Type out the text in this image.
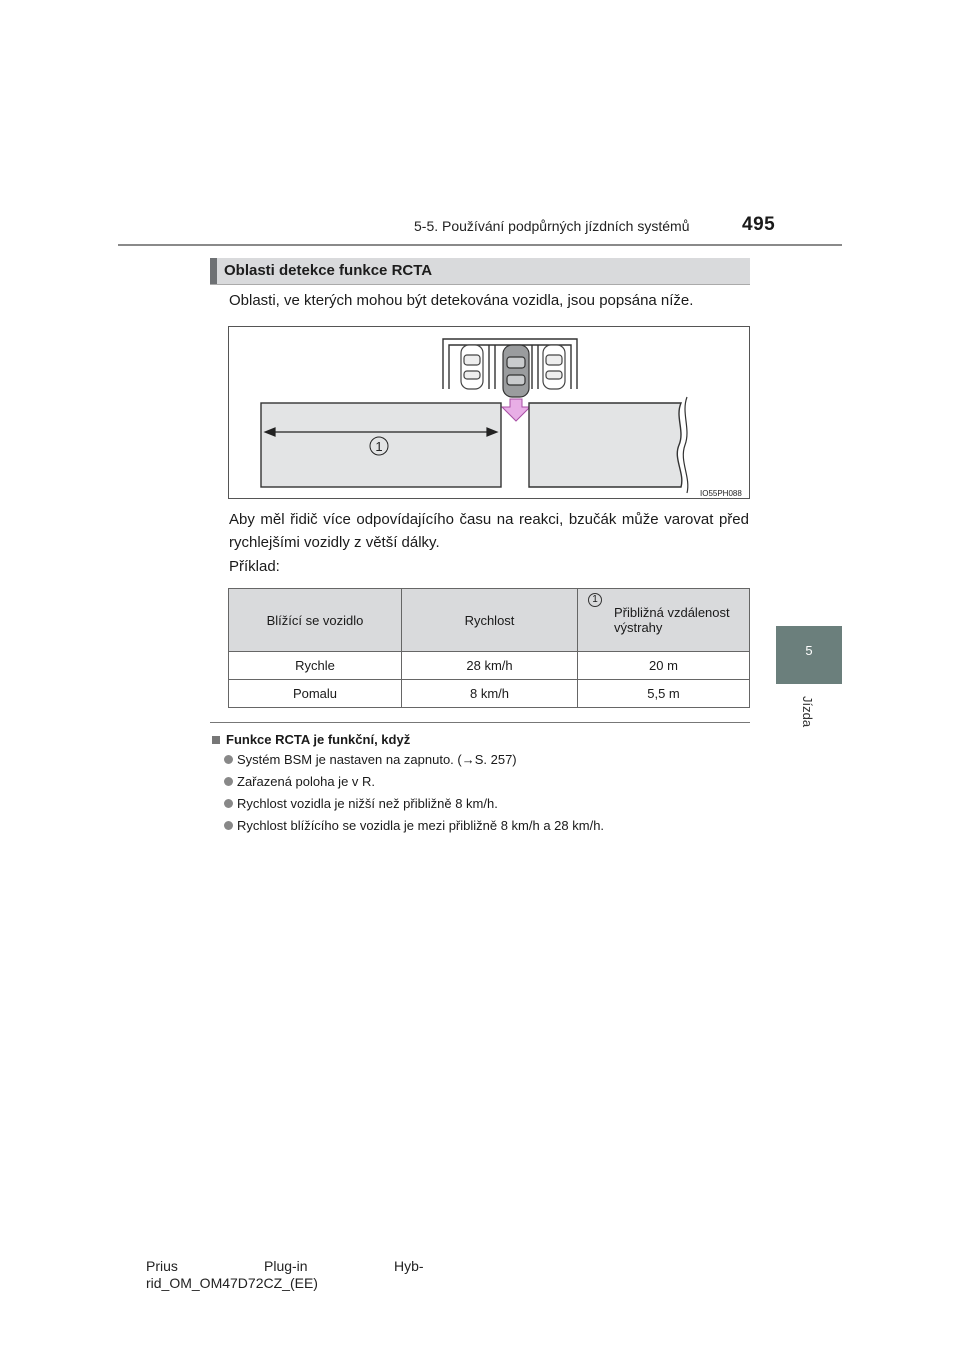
5-5. Používání podpůrných jízdních systémů	495
5
Jízda
Oblasti detekce funkce RCTA
Oblasti, ve kterých mohou být detekována vozidla, jsou popsána níže.
1
IO55PH088
Aby měl řidič více odpovídajícího času na reakci, bzučák může varovat před rychlejšími vozidly z větší dálky.
Příklad:
Blížící se vozidlo	Rychlost	1
Přibližná vzdálenost výstrahy

Rychle	28 km/h	20 m
Pomalu	8 km/h	5,5 m
Funkce RCTA je funkční, když
Systém BSM je nastaven na zapnuto. (→S. 257)
Zařazená poloha je v R.
Rychlost vozidla je nižší než přibližně 8 km/h.
Rychlost blížícího se vozidla je mezi přibližně 8 km/h a 28 km/h.
Prius	Plug-in	Hyb-
rid_OM_OM47D72CZ_(EE)
